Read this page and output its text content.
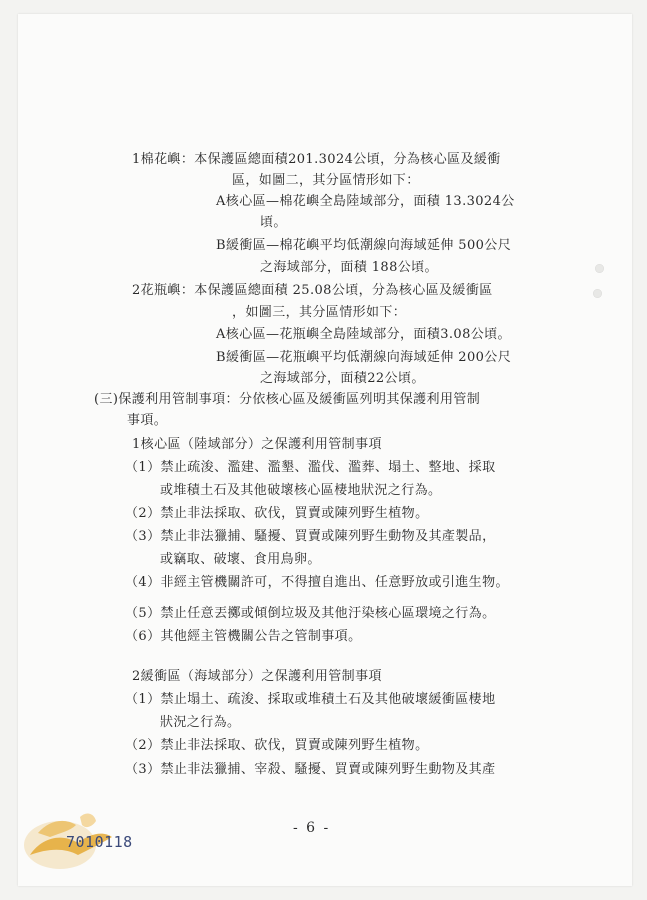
1棉花嶼：本保護區總面積201.3024公頃，分為核心區及緩衝
區，如圖二，其分區情形如下：
A核心區—棉花嶼全島陸域部分，面積 13.3024公
頃。
B緩衝區—棉花嶼平均低潮線向海域延伸 500公尺
之海域部分，面積 188公頃。
2花瓶嶼：本保護區總面積 25.08公頃，分為核心區及緩衝區
，如圖三，其分區情形如下：
A核心區—花瓶嶼全島陸域部分，面積3.08公頃。
B緩衝區—花瓶嶼平均低潮線向海域延伸 200公尺
之海域部分，面積22公頃。
(三)保護利用管制事項：分依核心區及緩衝區列明其保護利用管制
事項。
1核心區（陸域部分）之保護利用管制事項
（1）禁止疏浚、濫建、濫墾、濫伐、濫葬、塌土、整地、採取
或堆積土石及其他破壞核心區棲地狀況之行為。
（2）禁止非法採取、砍伐，買賣或陳列野生植物。
（3）禁止非法獵捕、騷擾、買賣或陳列野生動物及其產製品，
或竊取、破壞、食用鳥卵。
（4）非經主管機關許可，不得擅自進出、任意野放或引進生物。
（5）禁止任意丟擲或傾倒垃圾及其他汙染核心區環境之行為。
（6）其他經主管機關公告之管制事項。
2緩衝區（海域部分）之保護利用管制事項
（1）禁止塌土、疏浚、採取或堆積土石及其他破壞緩衝區棲地
狀況之行為。
（2）禁止非法採取、砍伐，買賣或陳列野生植物。
（3）禁止非法獵捕、宰殺、騷擾、買賣或陳列野生動物及其產
- 6 -
7010118
